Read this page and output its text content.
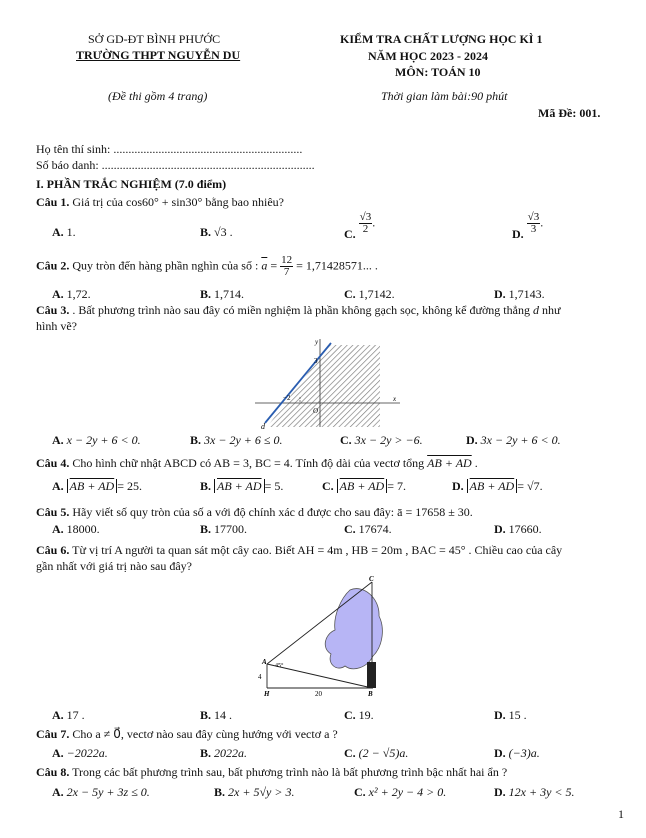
SỞ GD-ĐT BÌNH PHƯỚC
TRƯỜNG THPT NGUYỄN DU
(Đề thi gồm 4 trang)
KIỂM TRA CHẤT LƯỢNG HỌC KÌ 1
NĂM HỌC 2023 - 2024
MÔN: TOÁN 10
Thời gian làm bài:90 phút
Mã Đề: 001.
Họ tên thí sinh: ...............................................................
Số báo danh: .......................................................................
I. PHẦN TRẮC NGHIỆM (7.0 điểm)
Câu 1. Giá trị của cos60° + sin30° bằng bao nhiêu?
A. 1.	B. √3 .	C. $\frac{√3}{2}$ .
D. $\frac{√3}{3}$ .
Câu 2. Quy tròn đến hàng phần nghìn của số : $\overline{a} = \frac{12}{7} = 1,71428571$... .
A. 1,72.	B. 1,714.	C. 1,7142.	D. 1,7143.
Câu 3. . Bất phương trình nào sau đây có miền nghiệm là phần không gạch sọc, không kể đường thẳng d như
hình vẽ?
y
x
O
3
−2
d
A. x − 2y + 6 < 0.	B. 3x − 2y + 6 ≤ 0.	C. 3x − 2y > −6.	D. 3x − 2y + 6 < 0.
Câu 4. Cho hình chữ nhật ABCD có AB = 3, BC = 4. Tính độ dài của vectơ tổng AB + AD .
A. AB + AD = 25.	B. AB + AD = 5.	C. AB + AD = 7.	D. AB + AD = √7.
Câu 5. Hãy viết số quy tròn của số a với độ chính xác d được cho sau đây: ā = 17658 ± 30.
A. 18000.	B. 17700.	C. 17674.	D. 17660.
Câu 6. Từ vị trí A người ta quan sát một cây cao. Biết AH = 4m , HB = 20m , BAC = 45° . Chiều cao của cây
gần nhất với giá trị nào sau đây?
C
A
H	B
45°
4
20
A. 17 .	B. 14 .	C. 19.	D. 15 .
Câu 7. Cho a ≠ 0⃗, vectơ nào sau đây cùng hướng với vectơ a ?
A. −2022a.	B. 2022a.	C. (2 − √5)a.	D. (−3)a.
Câu 8. Trong các bất phương trình sau, bất phương trình nào là bất phương trình bậc nhất hai ẩn ?
A. 2x − 5y + 3z ≤ 0.	B. 2x + 5√y > 3.	C. x² + 2y − 4 > 0.	D. 12x + 3y < 5.
1
